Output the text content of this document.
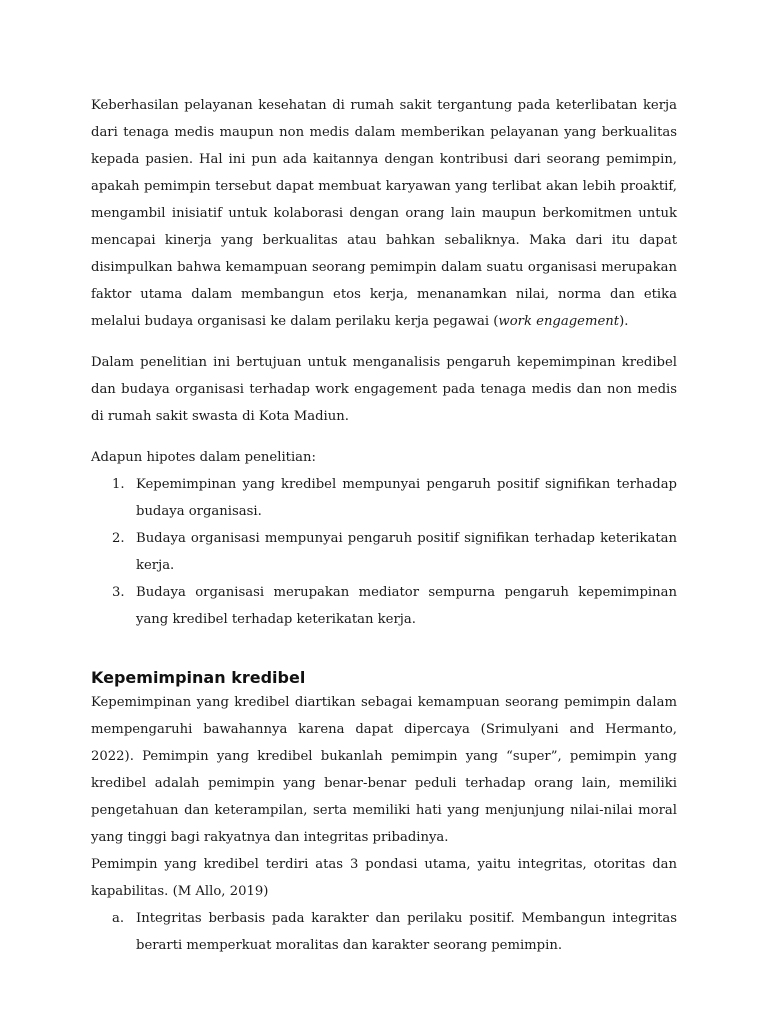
Keberhasilan pelayanan kesehatan di rumah sakit tergantung pada keterlibatan kerja dari tenaga medis maupun non medis dalam memberikan pelayanan yang berkualitas kepada pasien. Hal ini pun ada kaitannya dengan kontribusi dari seorang pemimpin, apakah pemimpin tersebut dapat membuat karyawan yang terlibat akan lebih proaktif, mengambil inisiatif untuk kolaborasi dengan orang lain maupun berkomitmen untuk mencapai kinerja yang berkualitas atau bahkan sebaliknya. Maka dari itu dapat disimpulkan bahwa kemampuan seorang pemimpin dalam suatu organisasi merupakan faktor utama dalam membangun etos kerja, menanamkan nilai, norma dan etika melalui budaya organisasi ke dalam perilaku kerja pegawai (work engagement).

Dalam penelitian ini bertujuan untuk menganalisis pengaruh kepemimpinan kredibel dan budaya organisasi terhadap work engagement pada tenaga medis dan non medis di rumah sakit swasta di Kota Madiun.

Adapun hipotes dalam penelitian:

1. Kepemimpinan yang kredibel mempunyai pengaruh positif signifikan terhadap budaya organisasi.
2. Budaya organisasi mempunyai pengaruh positif signifikan terhadap keterikatan kerja.
3. Budaya organisasi merupakan mediator sempurna pengaruh kepemimpinan yang kredibel terhadap keterikatan kerja.
Kepemimpinan kredibel

Kepemimpinan yang kredibel diartikan sebagai kemampuan seorang pemimpin dalam mempengaruhi bawahannya karena dapat dipercaya (Srimulyani and Hermanto, 2022). Pemimpin yang kredibel bukanlah pemimpin yang “super”, pemimpin yang kredibel adalah pemimpin yang benar-benar peduli terhadap orang lain, memiliki pengetahuan dan keterampilan, serta memiliki hati yang menjunjung nilai-nilai moral yang tinggi bagi rakyatnya dan integritas pribadinya.

Pemimpin yang kredibel terdiri atas 3 pondasi utama, yaitu integritas, otoritas dan kapabilitas. (M Allo, 2019)

a. Integritas berbasis pada karakter dan perilaku positif. Membangun integritas berarti memperkuat moralitas dan karakter seorang pemimpin.
